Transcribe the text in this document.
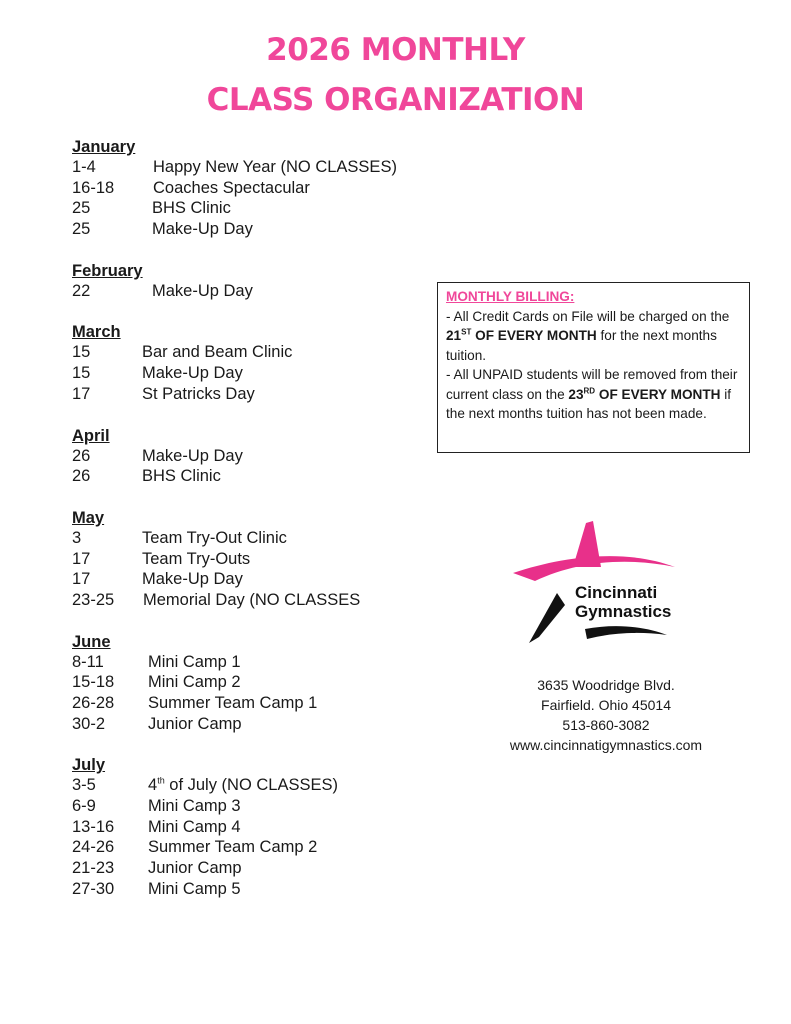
2026 MONTHLY
CLASS ORGANIZATION
January
1-4	Happy New Year (NO CLASSES)
16-18	Coaches Spectacular
25	BHS Clinic
25	Make-Up Day
February
22	Make-Up Day
March
15	Bar and Beam Clinic
15	Make-Up Day
17	St Patricks Day
April
26	Make-Up Day
26	BHS Clinic
May
3	Team Try-Out Clinic
17	Team Try-Outs
17	Make-Up Day
23-25	Memorial Day (NO CLASSES
June
8-11	Mini Camp 1
15-18	Mini Camp 2
26-28	Summer Team Camp 1
30-2	Junior Camp
July
3-5	4th of July (NO CLASSES)
6-9	Mini Camp 3
13-16	Mini Camp 4
24-26	Summer Team Camp 2
21-23	Junior Camp
27-30	Mini Camp 5
MONTHLY BILLING:
- All Credit Cards on File will be charged on the 21ST OF EVERY MONTH for the next months tuition.
- All UNPAID students will be removed from their current class on the 23RD OF EVERY MONTH if the next months tuition has not been made.
Cincinnati
Gymnastics
3635 Woodridge Blvd.
Fairfield. Ohio 45014
513-860-3082
www.cincinnatigymnastics.com
